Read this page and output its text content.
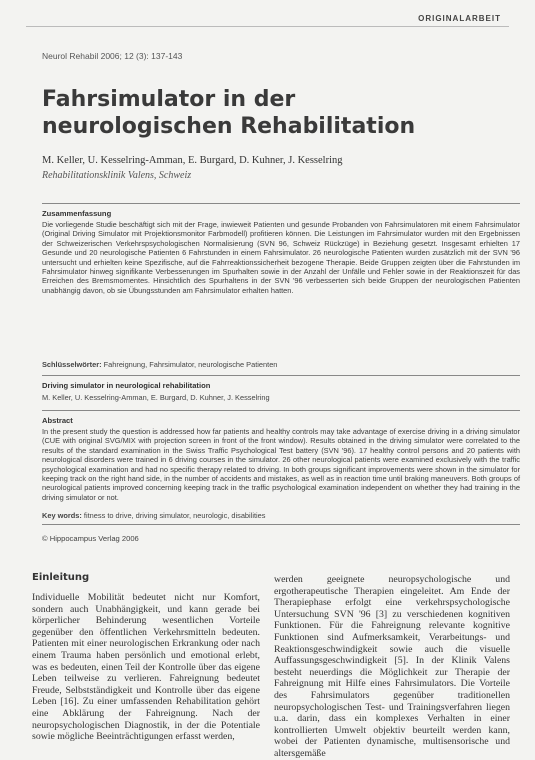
ORIGINALARBEIT
Neurol Rehabil 2006; 12 (3): 137-143
Fahrsimulator in der neurologischen Rehabilitation
M. Keller, U. Kesselring-Amman, E. Burgard, D. Kuhner, J. Kesselring
Rehabilitationsklinik Valens, Schweiz
Zusammenfassung

Die vorliegende Studie beschäftigt sich mit der Frage, inwieweit Patienten und gesunde Probanden von Fahrsimulatoren mit einem Fahrsimulator (Original Driving Simulator mit Projektionsmonitor Farbmodell) profitieren können. Die Leistungen im Fahrsimulator wurden mit den Ergebnissen der Schweizerischen Verkehrspsychologischen Normalisierung (SVN 96, Schweiz Rückzüge) in Beziehung gesetzt. Insgesamt erhielten 17 Gesunde und 20 neurologische Patienten 6 Fahrstunden in einem Fahrsimulator. 26 neurologische Patienten wurden zusätzlich mit der SVN '96 untersucht und erhielten keine Spezifische, auf die Fahrreaktionssicherheit bezogene Therapie. Beide Gruppen zeigten über die Fahrstunden im Fahrsimulator hinweg signifikante Verbesserungen im Spurhalten sowie in der Anzahl der Unfälle und Fehler sowie in der Reaktionszeit für das Erreichen des Bremsmomentes. Hinsichtlich des Spurhaltens in der SVN '96 verbesserten sich beide Gruppen der neurologischen Patienten unabhängig davon, ob sie Übungsstunden am Fahrsimulator erhalten hatten.

Schlüsselwörter: Fahreignung, Fahrsimulator, neurologische Patienten
Driving simulator in neurological rehabilitation
M. Keller, U. Kesselring-Amman, E. Burgard, D. Kuhner, J. Kesselring
Abstract

In the present study the question is addressed how far patients and healthy controls may take advantage of exercise driving in a driving simulator (CUE with original SVG/MIX with projection screen in front of the front window). Results obtained in the driving simulator were correlated to the results of the standard examination in the Swiss Traffic Psychological Test battery (SVN '96). 17 healthy control persons and 20 patients with neurological disorders were trained in 6 driving courses in the simulator. 26 other neurological patients were examined exclusively with the traffic psychological examination and had no specific therapy related to driving. In both groups significant improvements were shown in the simulator for keeping track on the right hand side, in the number of accidents and mistakes, as well as in reaction time until braking maneuvers. Both groups of neurological patients improved concerning keeping track in the traffic psychological examination independent on whether they had training in the driving simulator or not.

Key words: fitness to drive, driving simulator, neurologic, disabilities
© Hippocampus Verlag 2006
Einleitung

Individuelle Mobilität bedeutet nicht nur Komfort, sondern auch Unabhängigkeit, und kann gerade bei körperlicher Behinderung wesentlichen Vorteile gegenüber den öffentlichen Verkehrsmitteln bedeuten. Patienten mit einer neurologischen Erkrankung oder nach einem Trauma haben persönlich und emotional erlebt, was es bedeuten, einen Teil der Kontrolle über das eigene Leben teilweise zu verlieren. Fahreignung bedeutet Freude, Selbstständigkeit und Kontrolle über das eigene Leben [16]. Zu einer umfassenden Rehabilitation gehört eine Abklärung der Fahreignung. Nach der neuropsychologischen Diagnostik, in der die Potentiale sowie mögliche Beeinträchtigungen erfasst werden,

werden geeignete neuropsychologische und ergotherapeutische Therapien eingeleitet. Am Ende der Therapiephase erfolgt eine verkehrspsychologische Untersuchung SVN '96 [3] zu verschiedenen kognitiven Funktionen. Für die Fahreignung relevante kognitive Funktionen sind Aufmerksamkeit, Verarbeitungs- und Reaktionsgeschwindigkeit sowie auch die visuelle Auffassungsgeschwindigkeit [5]. In der Klinik Valens besteht neuerdings die Möglichkeit zur Therapie der Fahreignung mit Hilfe eines Fahrsimulators. Die Vorteile des Fahrsimulators gegenüber traditionellen neuropsychologischen Test- und Trainingsverfahren liegen u.a. darin, dass ein komplexes Verhalten in einer kontrollierten Umwelt objektiv beurteilt werden kann, wobei der Patienten dynamische, multisensorische und altersgemäße
